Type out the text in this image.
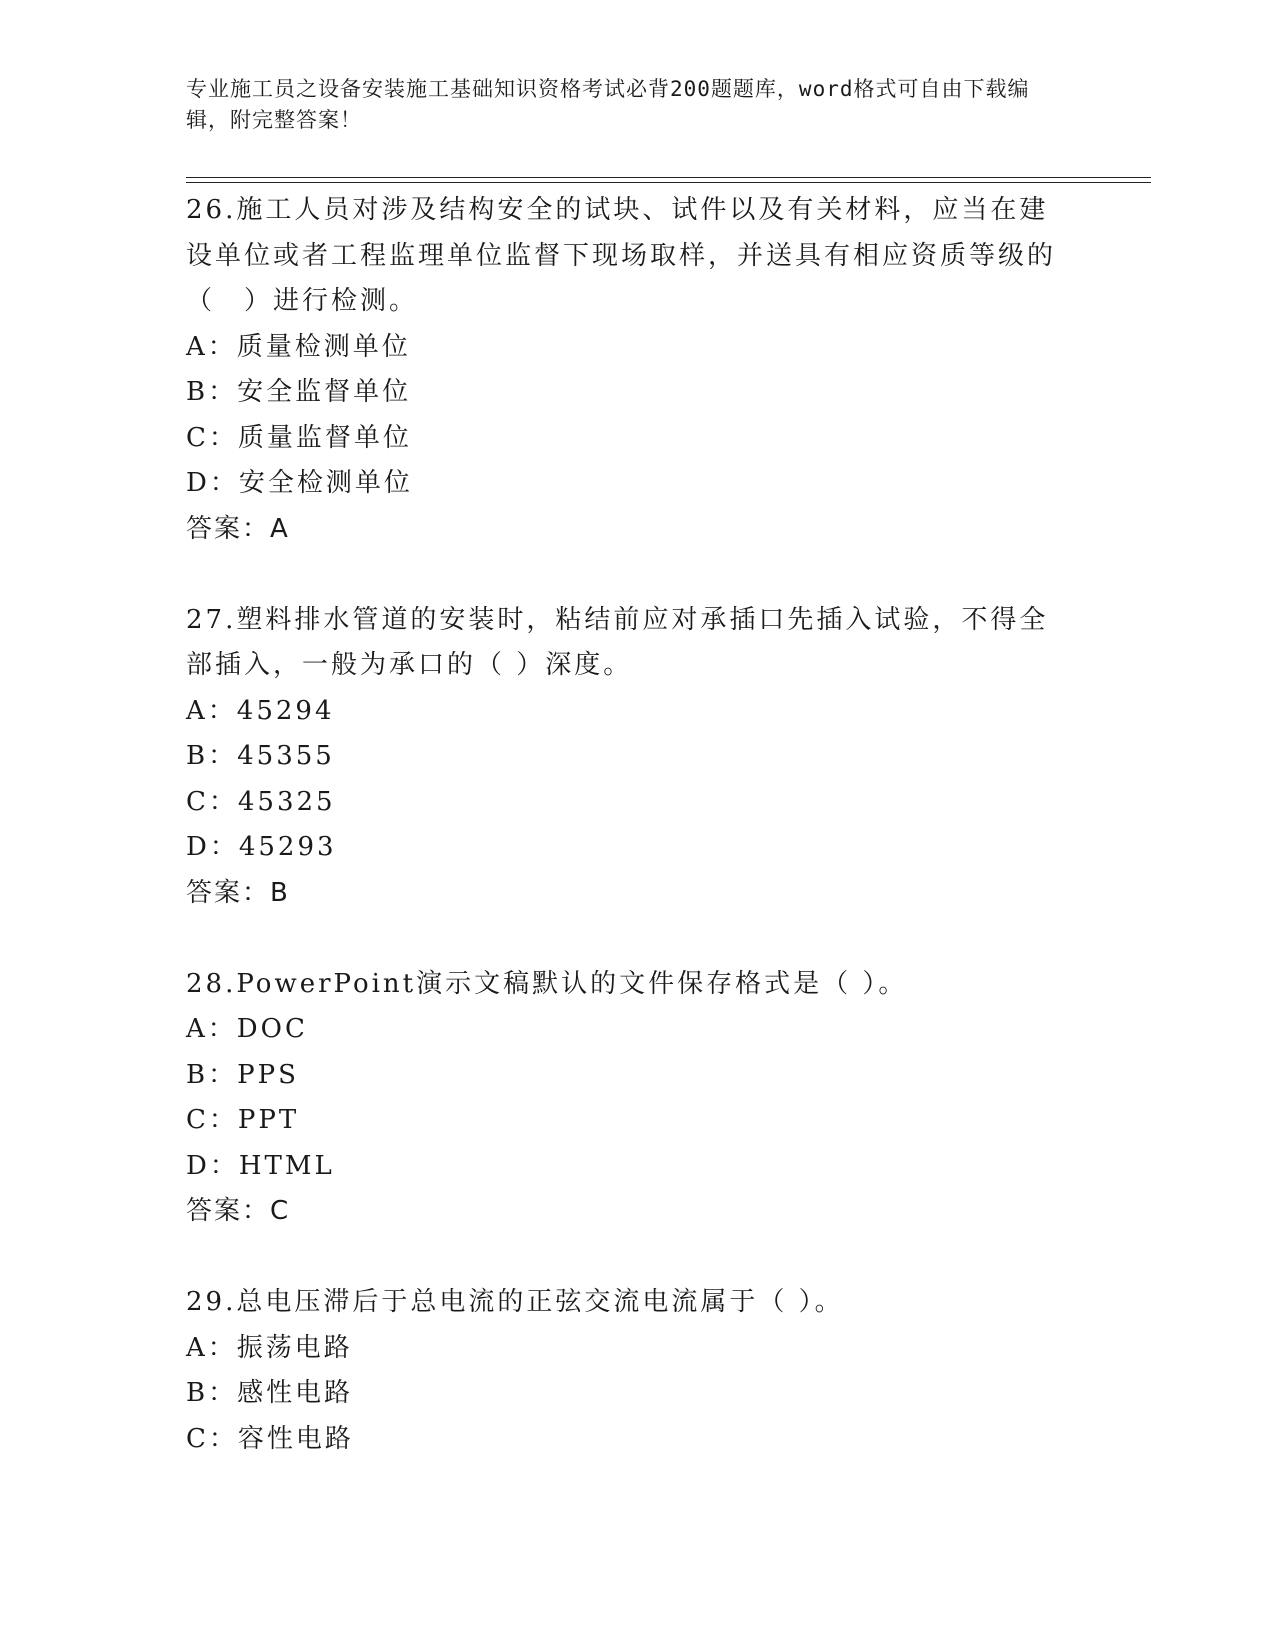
专业施工员之设备安装施工基础知识资格考试必背200题题库，word格式可自由下载编辑，附完整答案！
26.施工人员对涉及结构安全的试块、试件以及有关材料，应当在建设单位或者工程监理单位监督下现场取样，并送具有相应资质等级的（　）进行检测。
A：质量检测单位
B：安全监督单位
C：质量监督单位
D：安全检测单位
答案：A
27.塑料排水管道的安装时，粘结前应对承插口先插入试验，不得全部插入，一般为承口的（ ）深度。
A：45294
B：45355
C：45325
D：45293
答案：B
28.PowerPoint演示文稿默认的文件保存格式是（ ）。
A：DOC
B：PPS
C：PPT
D：HTML
答案：C
29.总电压滞后于总电流的正弦交流电流属于（ ）。
A：振荡电路
B：感性电路
C：容性电路
